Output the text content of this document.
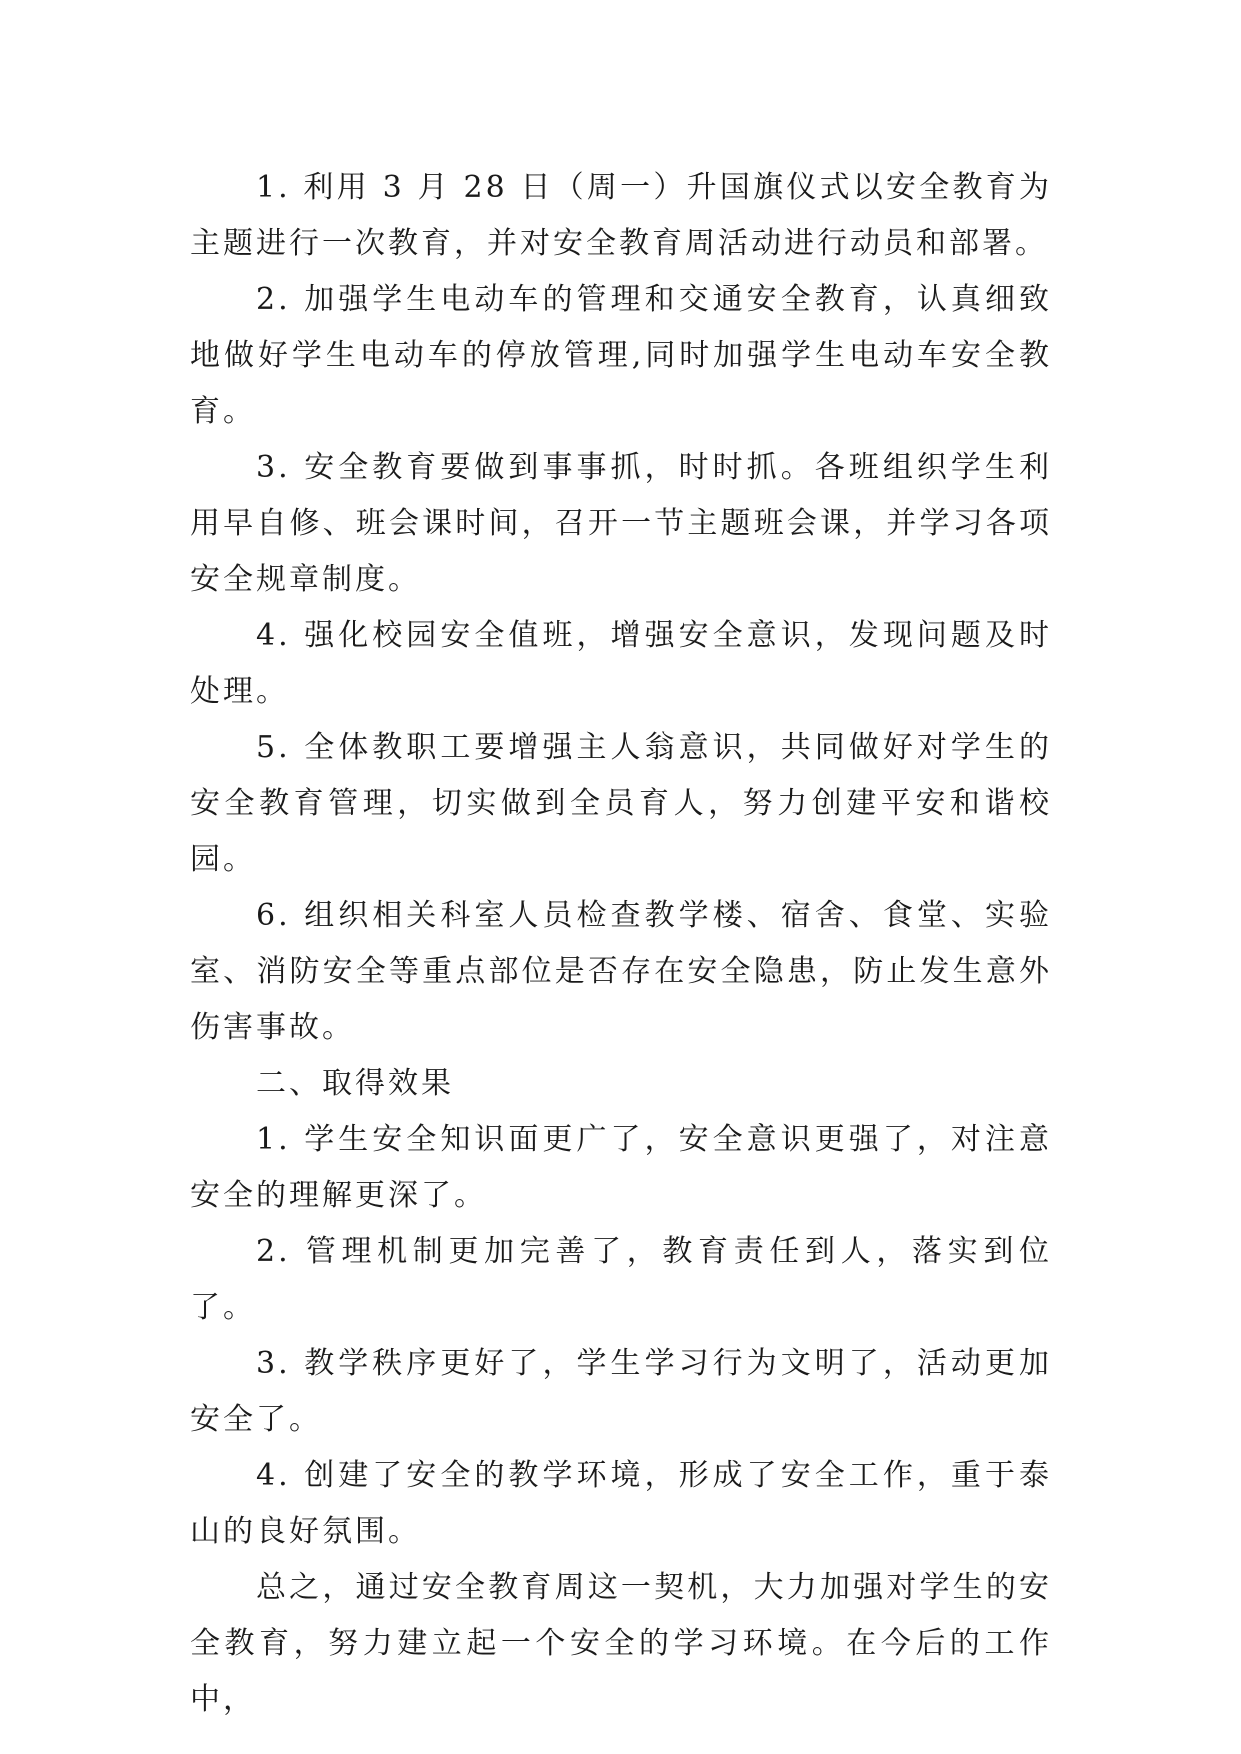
1. 利用 3 月 28 日（周一）升国旗仪式以安全教育为主题进行一次教育，并对安全教育周活动进行动员和部署。

2. 加强学生电动车的管理和交通安全教育，认真细致地做好学生电动车的停放管理,同时加强学生电动车安全教育。

3. 安全教育要做到事事抓，时时抓。各班组织学生利用早自修、班会课时间，召开一节主题班会课，并学习各项安全规章制度。

4. 强化校园安全值班，增强安全意识，发现问题及时处理。

5. 全体教职工要增强主人翁意识，共同做好对学生的安全教育管理，切实做到全员育人，努力创建平安和谐校园。

6. 组织相关科室人员检查教学楼、宿舍、食堂、实验室、消防安全等重点部位是否存在安全隐患，防止发生意外伤害事故。

二、取得效果

1. 学生安全知识面更广了，安全意识更强了，对注意安全的理解更深了。

2. 管理机制更加完善了，教育责任到人，落实到位了。

3. 教学秩序更好了，学生学习行为文明了，活动更加安全了。

4. 创建了安全的教学环境，形成了安全工作，重于泰山的良好氛围。

总之，通过安全教育周这一契机，大力加强对学生的安全教育，努力建立起一个安全的学习环境。在今后的工作中，
